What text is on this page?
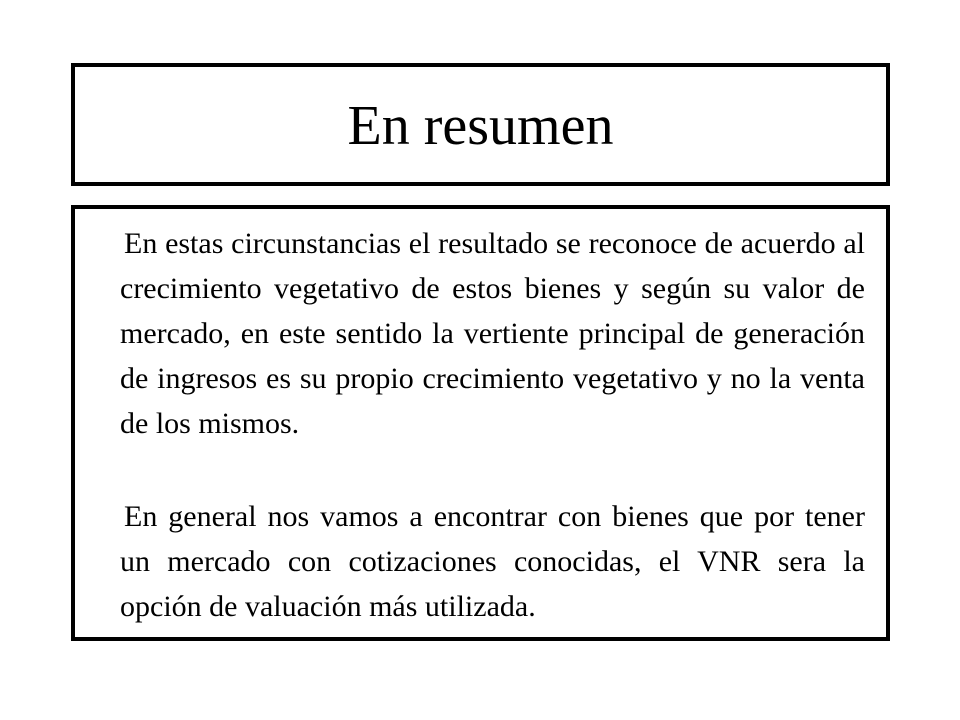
En resumen

En estas circunstancias el resultado se reconoce de acuerdo al crecimiento vegetativo de estos bienes y según su valor de mercado, en este sentido la vertiente principal de generación de ingresos es su propio crecimiento vegetativo y no la venta de los mismos.

En general nos vamos a encontrar con bienes que por tener un mercado con cotizaciones conocidas, el VNR sera la opción de valuación más utilizada.
